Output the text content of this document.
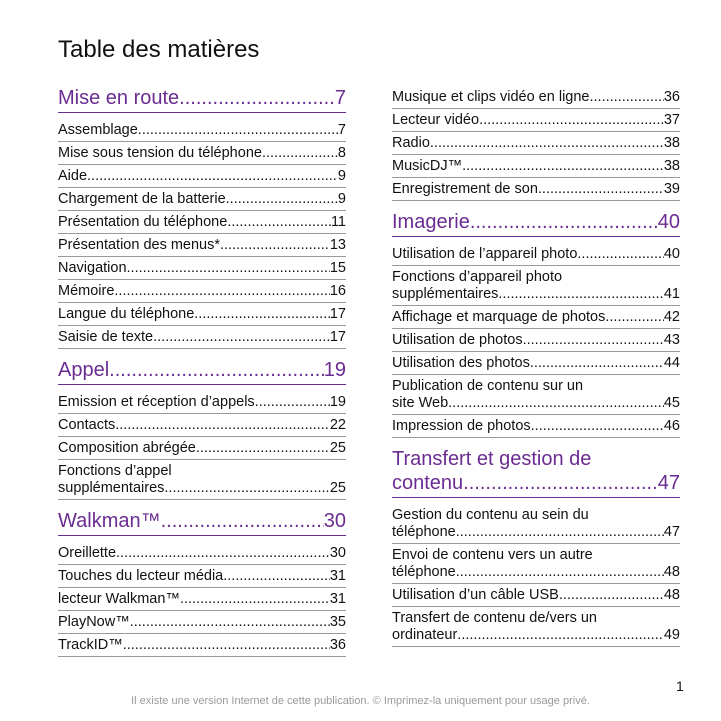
Table des matières
Mise en route .....	7
Assemblage .....	7
Mise sous tension du téléphone .....	8
Aide .....	9
Chargement de la batterie .....	9
Présentation du téléphone .....	11
Présentation des menus* .....	13
Navigation .....	15
Mémoire .....	16
Langue du téléphone .....	17
Saisie de texte .....	17
Appel .....	19
Emission et réception d’appels .....	19
Contacts .....	22
Composition abrégée .....	25
Fonctions d’appel
supplémentaires .....	25
Walkman™ .....	30
Oreillette .....	30
Touches du lecteur média .....	31
lecteur Walkman™ .....	31
PlayNow™ .....	35
TrackID™ .....	36
Musique et clips vidéo en ligne .....	36
Lecteur vidéo .....	37
Radio .....	38
MusicDJ™ .....	38
Enregistrement de son .....	39
Imagerie .....	40
Utilisation de l’appareil photo .....	40
Fonctions d’appareil photo
supplémentaires .....	41
Affichage et marquage de photos .....	42
Utilisation de photos .....	43
Utilisation des photos .....	44
Publication de contenu sur un
site Web .....	45
Impression de photos .....	46
Transfert et gestion de
contenu .....	47
Gestion du contenu au sein du
téléphone .....	47
Envoi de contenu vers un autre
téléphone .....	48
Utilisation d’un câble USB .....	48
Transfert de contenu de/vers un
ordinateur .....	49
1
Il existe une version Internet de cette publication. © Imprimez-la uniquement pour usage privé.
